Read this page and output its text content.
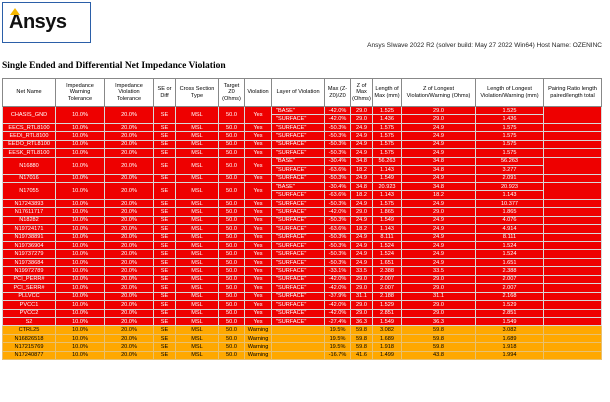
Ansys
Ansys SIwave 2022 R2 (solver build: May 27 2022 Win64) Host Name: OZENINC
Single Ended and Differential Net Impedance Violation
Net Name	Impedance Warning Tolerance	Impedance Violation Tolerance	SE or Diff	Cross Section Type	Target Z0 (Ohms)	Violation	Layer of Violation	Max (Z-Z0)/Z0	Z of Max (Ohms)	Length of Max (mm)	Z of Longest Violation/Warning (Ohms)	Length of Longest Violation/Warning (mm)	Pairing Ratio length paired/length total
CHASIS_GND	10.0%	20.0%	SE	MSL	50.0	Yes	"BASE"	-42.0%	29.0	1.525	29.0	1.525	
							"SURFACE"	-42.0%	29.0	1.436	29.0	1.436	
EECS_RTL8100	10.0%	20.0%	SE	MSL	50.0	Yes	"SURFACE"	-50.3%	24.9	1.575	24.9	1.575	
EEDI_RTL8100	10.0%	20.0%	SE	MSL	50.0	Yes	"SURFACE"	-50.3%	24.9	1.575	24.9	1.575	
EEDO_RTL8100	10.0%	20.0%	SE	MSL	50.0	Yes	"SURFACE"	-50.3%	24.9	1.575	24.9	1.575	
EESK_RTL8100	10.0%	20.0%	SE	MSL	50.0	Yes	"SURFACE"	-50.3%	24.9	1.575	24.9	1.575	
N16880	10.0%	20.0%	SE	MSL	50.0	Yes	"BASE"	-30.4%	34.8	56.263	34.8	56.263	
							"SURFACE"	-63.6%	18.2	1.143	34.8	3.277	
N17016	10.0%	20.0%	SE	MSL	50.0	Yes	"SURFACE"	-50.3%	24.9	1.549	24.9	2.091	
N17055	10.0%	20.0%	SE	MSL	50.0	Yes	"BASE"	-30.4%	34.8	20.923	34.8	20.923	
							"SURFACE"	-63.6%	18.2	1.143	18.2	1.143	
N17243893	10.0%	20.0%	SE	MSL	50.0	Yes	"SURFACE"	-50.3%	24.9	1.575	24.9	10.377	
N17611717	10.0%	20.0%	SE	MSL	50.0	Yes	"SURFACE"	-42.0%	29.0	1.865	29.0	1.865	
N18282	10.0%	20.0%	SE	MSL	50.0	Yes	"SURFACE"	-50.3%	24.9	1.549	24.9	4.076	
N19724171	10.0%	20.0%	SE	MSL	50.0	Yes	"SURFACE"	-63.6%	18.2	1.143	24.9	4.914	
N19738891	10.0%	20.0%	SE	MSL	50.0	Yes	"SURFACE"	-50.3%	24.9	8.111	24.9	8.111	
N19736904	10.0%	20.0%	SE	MSL	50.0	Yes	"SURFACE"	-50.3%	24.9	1.524	24.9	1.524	
N19737279	10.0%	20.0%	SE	MSL	50.0	Yes	"SURFACE"	-50.3%	24.9	1.524	24.9	1.524	
N19738684	10.0%	20.0%	SE	MSL	50.0	Yes	"SURFACE"	-50.3%	24.9	1.651	24.9	1.651	
N19972789	10.0%	20.0%	SE	MSL	50.0	Yes	"SURFACE"	-33.1%	33.5	2.388	33.5	2.388	
PCI_PERR#	10.0%	20.0%	SE	MSL	50.0	Yes	"SURFACE"	-42.0%	29.0	2.007	29.0	2.007	
PCI_SERR#	10.0%	20.0%	SE	MSL	50.0	Yes	"SURFACE"	-42.0%	29.0	2.007	29.0	2.007	
PLLVCC	10.0%	20.0%	SE	MSL	50.0	Yes	"SURFACE"	-37.9%	31.1	2.188	31.1	2.168	
PVCC1	10.0%	20.0%	SE	MSL	50.0	Yes	"SURFACE"	-42.0%	29.0	1.529	29.0	1.529	
PVCC2	10.0%	20.0%	SE	MSL	50.0	Yes	"SURFACE"	-42.0%	29.0	2.851	29.0	2.851	
S2	10.0%	20.0%	SE	MSL	50.0	Yes	"SURFACE"	-27.4%	36.3	1.549	36.3	1.549	
CTRL25	10.0%	20.0%	SE	MSL	50.0	Warning		19.5%	59.8	3.082	59.8	3.082	
N16826518	10.0%	20.0%	SE	MSL	50.0	Warning		19.5%	59.8	1.689	59.8	1.689	
N17215769	10.0%	20.0%	SE	MSL	50.0	Warning		19.5%	59.8	1.918	59.8	1.918	
N17240877	10.0%	20.0%	SE	MSL	50.0	Warning		-16.7%	41.6	1.499	43.8	1.994	
